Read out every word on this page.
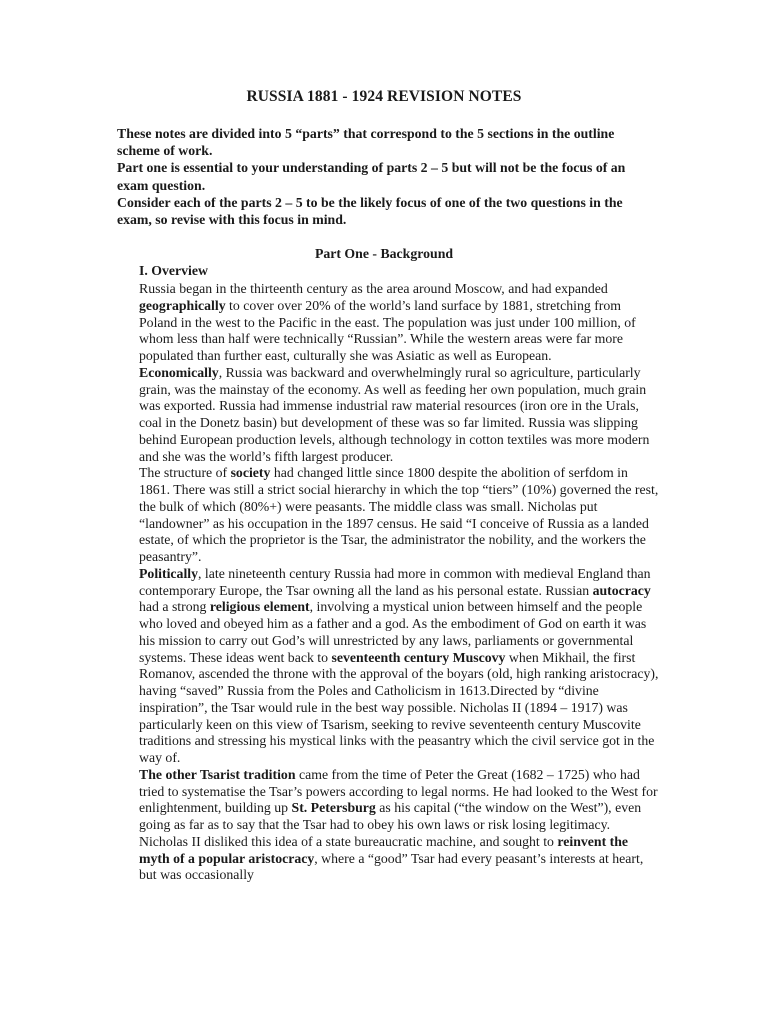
RUSSIA 1881 - 1924 REVISION NOTES

These notes are divided into 5 “parts” that correspond to the 5 sections in the outline scheme of work.

Part one is essential to your understanding of parts 2 – 5 but will not be the focus of an exam question.

Consider each of the parts 2 – 5 to be the likely focus of one of the two questions in the exam, so revise with this focus in mind.

Part One - Background
I. Overview

Russia began in the thirteenth century as the area around Moscow, and had expanded geographically to cover over 20% of the world’s land surface by 1881, stretching from Poland in the west to the Pacific in the east. The population was just under 100 million, of whom less than half were technically “Russian”. While the western areas were far more populated than further east, culturally she was Asiatic as well as European.

Economically, Russia was backward and overwhelmingly rural so agriculture, particularly grain, was the mainstay of the economy. As well as feeding her own population, much grain was exported. Russia had immense industrial raw material resources (iron ore in the Urals, coal in the Donetz basin) but development of these was so far limited. Russia was slipping behind European production levels, although technology in cotton textiles was more modern and she was the world’s fifth largest producer.

The structure of society had changed little since 1800 despite the abolition of serfdom in 1861. There was still a strict social hierarchy in which the top “tiers” (10%) governed the rest, the bulk of which (80%+) were peasants. The middle class was small. Nicholas put “landowner” as his occupation in the 1897 census. He said “I conceive of Russia as a landed estate, of which the proprietor is the Tsar, the administrator the nobility, and the workers the peasantry”.

Politically, late nineteenth century Russia had more in common with medieval England than contemporary Europe, the Tsar owning all the land as his personal estate. Russian autocracy had a strong religious element, involving a mystical union between himself and the people who loved and obeyed him as a father and a god. As the embodiment of God on earth it was his mission to carry out God’s will unrestricted by any laws, parliaments or governmental systems. These ideas went back to seventeenth century Muscovy when Mikhail, the first Romanov, ascended the throne with the approval of the boyars (old, high ranking aristocracy), having “saved” Russia from the Poles and Catholicism in 1613.Directed by “divine inspiration”, the Tsar would rule in the best way possible. Nicholas II (1894 – 1917) was particularly keen on this view of Tsarism, seeking to revive seventeenth century Muscovite traditions and stressing his mystical links with the peasantry which the civil service got in the way of.

The other Tsarist tradition came from the time of Peter the Great (1682 – 1725) who had tried to systematise the Tsar’s powers according to legal norms. He had looked to the West for enlightenment, building up St. Petersburg as his capital (“the window on the West”), even going as far as to say that the Tsar had to obey his own laws or risk losing legitimacy. Nicholas II disliked this idea of a state bureaucratic machine, and sought to reinvent the myth of a popular aristocracy, where a “good” Tsar had every peasant’s interests at heart, but was occasionally
